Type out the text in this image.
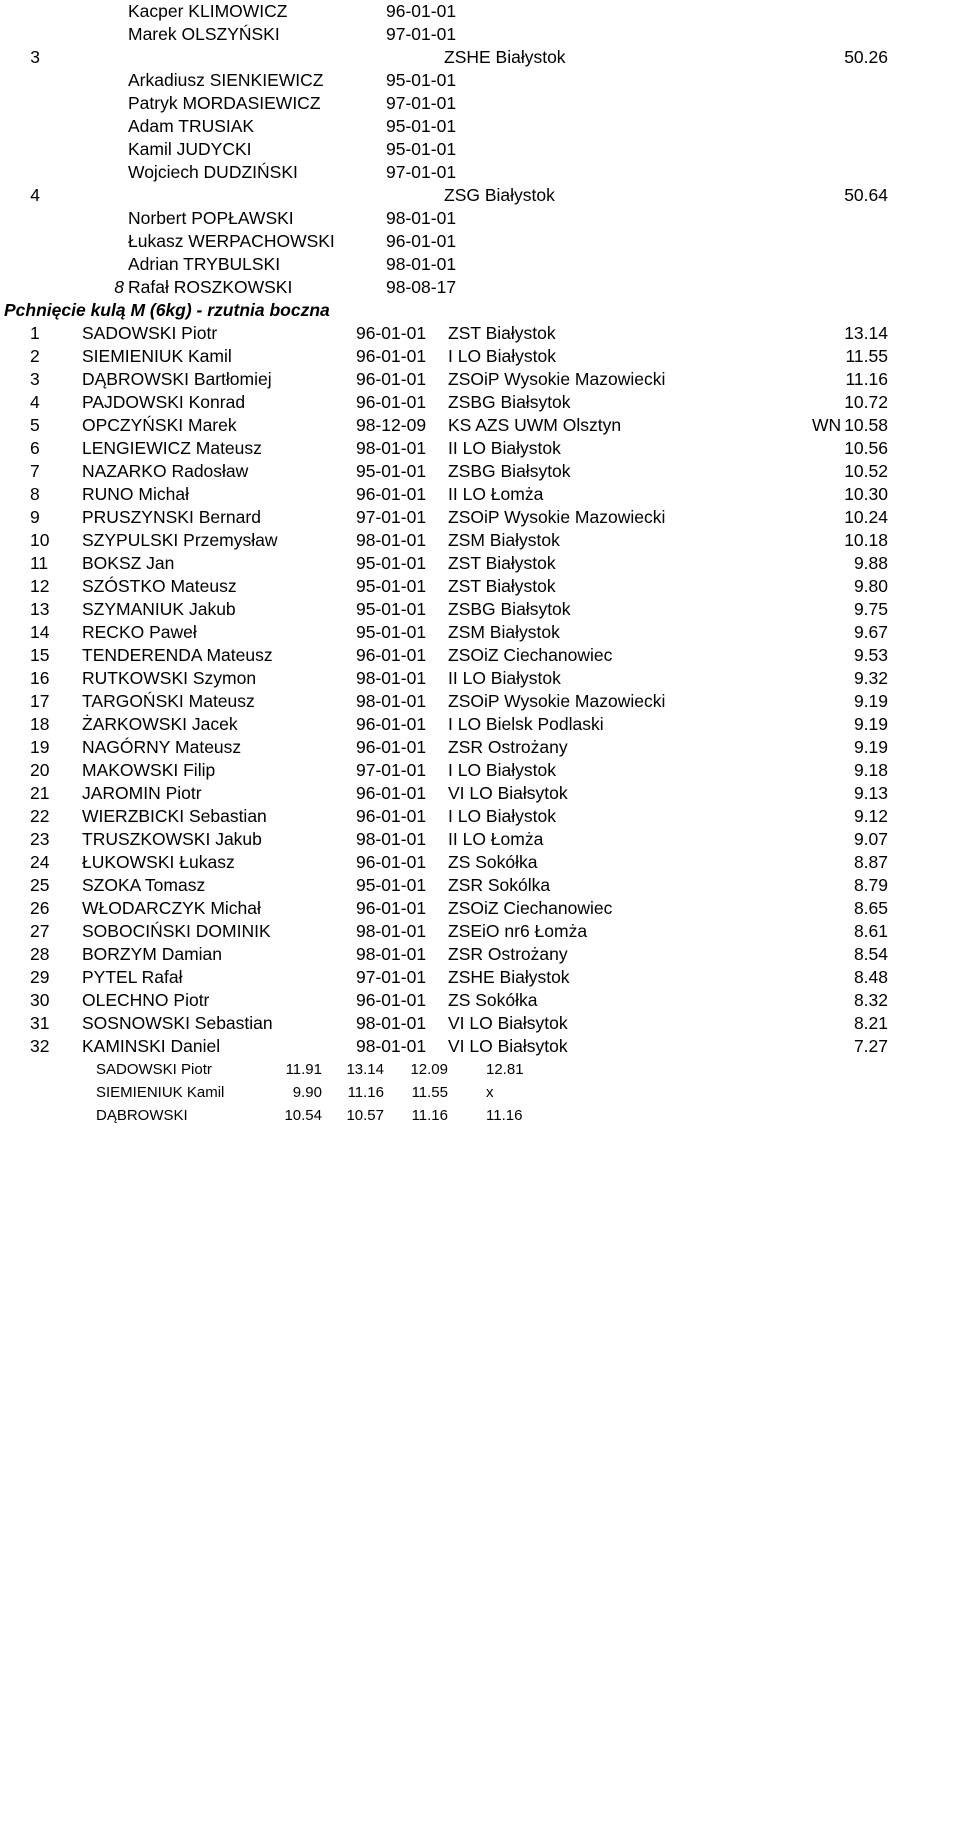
Kacper KLIMOWICZ	96-01-01
Marek OLSZYŃSKI	97-01-01
3	ZSHE Białystok	50.26
Arkadiusz SIENKIEWICZ	95-01-01
Patryk MORDASIEWICZ	97-01-01
Adam TRUSIAK	95-01-01
Kamil JUDYCKI	95-01-01
Wojciech DUDZIŃSKI	97-01-01
4	ZSG Białystok	50.64
Norbert POPŁAWSKI	98-01-01
Łukasz WERPACHOWSKI	96-01-01
Adrian TRYBULSKI	98-01-01
8 Rafał ROSZKOWSKI	98-08-17
Pchnięcie kulą M (6kg) - rzutnia boczna
1 SADOWSKI Piotr	96-01-01 ZST Białystok	13.14
2 SIEMIENIUK Kamil	96-01-01 I LO Białystok	11.55
3 DĄBROWSKI Bartłomiej	96-01-01 ZSOiP Wysokie Mazowiecki	11.16
4 PAJDOWSKI Konrad	96-01-01 ZSBG Białsytok	10.72
5 OPCZYŃSKI Marek	98-12-09 KS AZS UWM Olsztyn	WN 10.58
6 LENGIEWICZ Mateusz	98-01-01 II LO Białystok	10.56
7 NAZARKO Radosław	95-01-01 ZSBG Białsytok	10.52
8 RUNO Michał	96-01-01 II LO Łomża	10.30
9 PRUSZYNSKI Bernard	97-01-01 ZSOiP Wysokie Mazowiecki	10.24
10 SZYPULSKI Przemysław	98-01-01 ZSM Białystok	10.18
11 BOKSZ Jan	95-01-01 ZST Białystok	9.88
12 SZÓSTKO Mateusz	95-01-01 ZST Białystok	9.80
13 SZYMANIUK Jakub	95-01-01 ZSBG Białsytok	9.75
14 RECKO Paweł	95-01-01 ZSM Białystok	9.67
15 TENDERENDA Mateusz	96-01-01 ZSOiZ Ciechanowiec	9.53
16 RUTKOWSKI Szymon	98-01-01 II LO Białystok	9.32
17 TARGOŃSKI Mateusz	98-01-01 ZSOiP Wysokie Mazowiecki	9.19
18 ŻARKOWSKI Jacek	96-01-01 I LO Bielsk Podlaski	9.19
19 NAGÓRNY Mateusz	96-01-01 ZSR Ostrożany	9.19
20 MAKOWSKI Filip	97-01-01 I LO Białystok	9.18
21 JAROMIN Piotr	96-01-01 VI LO Białsytok	9.13
22 WIERZBICKI Sebastian	96-01-01 I LO Białystok	9.12
23 TRUSZKOWSKI Jakub	98-01-01 II LO Łomża	9.07
24 ŁUKOWSKI Łukasz	96-01-01 ZS Sokółka	8.87
25 SZOKA Tomasz	95-01-01 ZSR Sokólka	8.79
26 WŁODARCZYK Michał	96-01-01 ZSOiZ Ciechanowiec	8.65
27 SOBOCIŃSKI DOMINIK	98-01-01 ZSEiO nr6 Łomża	8.61
28 BORZYM Damian	98-01-01 ZSR Ostrożany	8.54
29 PYTEL Rafał	97-01-01 ZSHE Białystok	8.48
30 OLECHNO Piotr	96-01-01 ZS Sokółka	8.32
31 SOSNOWSKI Sebastian	98-01-01 VI LO Białsytok	8.21
32 KAMINSKI Daniel	98-01-01 VI LO Białsytok	7.27
SADOWSKI Piotr	11.91	13.14	12.09	12.81
SIEMIENIUK Kamil	9.90	11.16	11.55	x
DĄBROWSKI	10.54	10.57	11.16	11.16
